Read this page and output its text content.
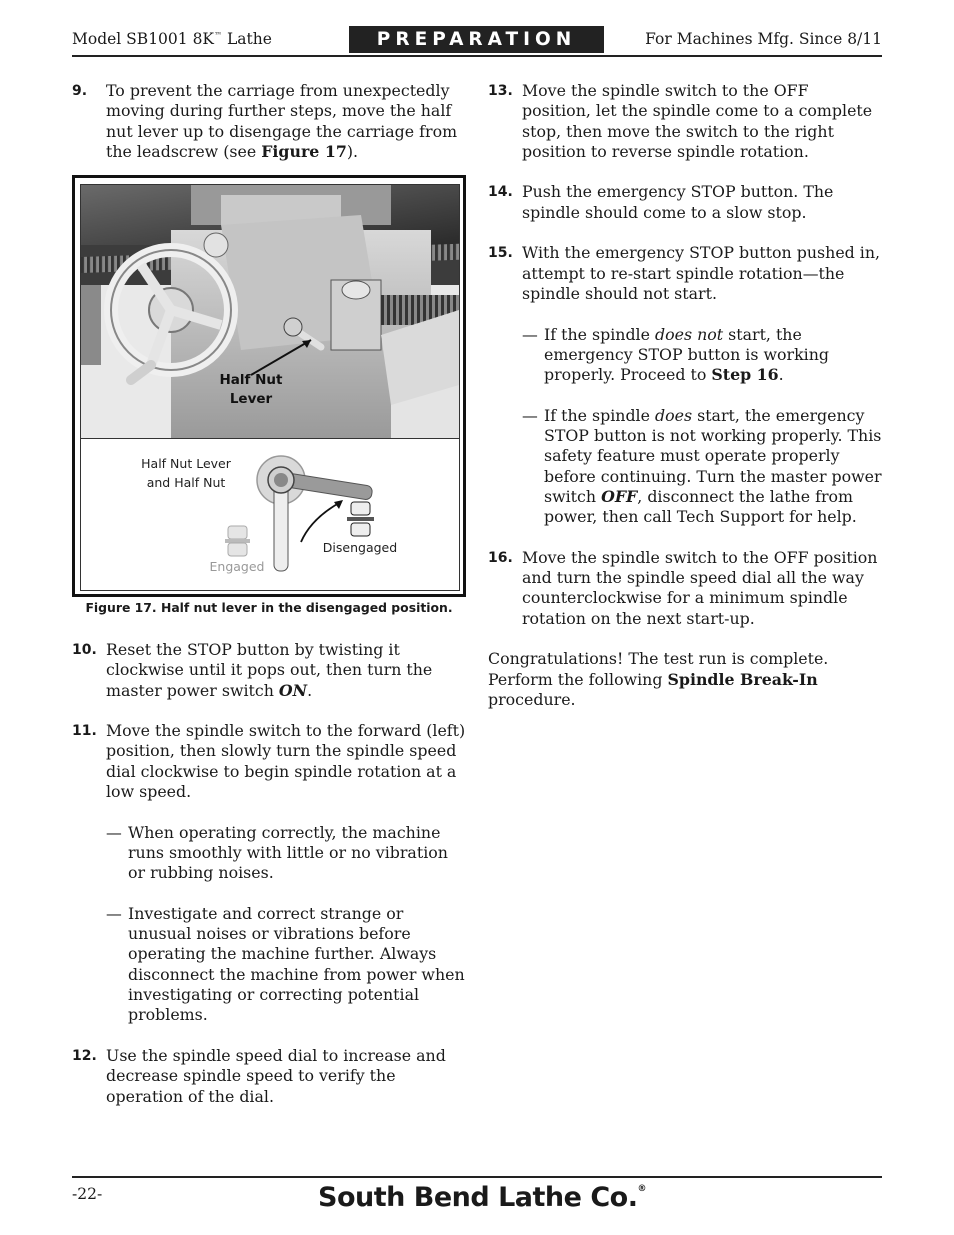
Model SB1001 8K™ Lathe	PREPARATION	For Machines Mfg. Since 8/11
9.	To prevent the carriage from unexpectedly moving during further steps, move the half nut lever up to disengage the carriage from the leadscrew (see Figure 17).
Half Nut
Lever
Half Nut Lever
and Half Nut
Engaged
Disengaged
Figure 17. Half nut lever in the disengaged position.
10. Reset the STOP button by twisting it clockwise until it pops out, then turn the master power switch ON.
11. Move the spindle switch to the forward (left) position, then slowly turn the spindle speed dial clockwise to begin spindle rotation at a low speed.
— When operating correctly, the machine runs smoothly with little or no vibration or rubbing noises.
— Investigate and correct strange or unusual noises or vibrations before operating the machine further. Always disconnect the machine from power when investigating or correcting potential problems.
12. Use the spindle speed dial to increase and decrease spindle speed to verify the operation of the dial.
13. Move the spindle switch to the OFF position, let the spindle come to a complete stop, then move the switch to the right position to reverse spindle rotation.
14. Push the emergency STOP button. The spindle should come to a slow stop.
15. With the emergency STOP button pushed in, attempt to re-start spindle rotation—the spindle should not start.
— If the spindle does not start, the emergency STOP button is working properly. Proceed to Step 16.
— If the spindle does start, the emergency STOP button is not working properly. This safety feature must operate properly before continuing. Turn the master power switch OFF, disconnect the lathe from power, then call Tech Support for help.
16. Move the spindle switch to the OFF position and turn the spindle speed dial all the way counterclockwise for a minimum spindle rotation on the next start-up.

Congratulations! The test run is complete. Perform the following Spindle Break-In procedure.

-22-	South Bend Lathe Co.®
